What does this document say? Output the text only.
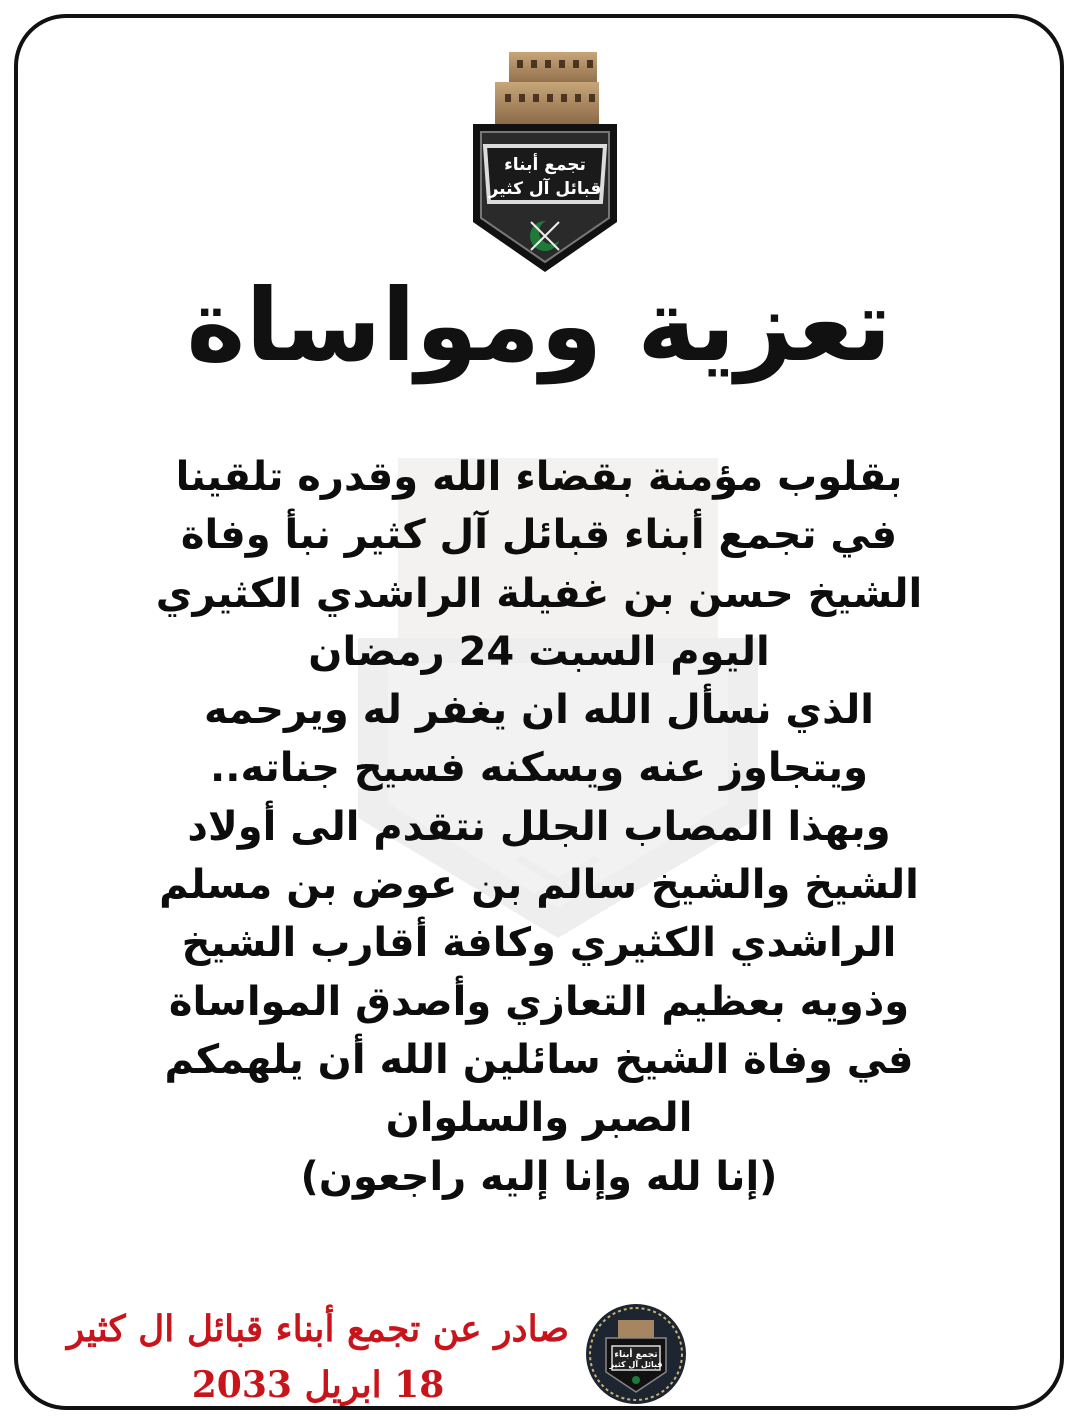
تجمع أبناء
قبائل آل كثير
تعزية ومواساة
بقلوب مؤمنة بقضاء الله وقدره تلقينا
في تجمع أبناء قبائل آل كثير نبأ وفاة
الشيخ حسن بن غفيلة الراشدي الكثيري
اليوم السبت 24 رمضان
الذي نسأل الله ان يغفر له ويرحمه
ويتجاوز عنه ويسكنه فسيح جناته..
وبهذا المصاب الجلل نتقدم الى أولاد
الشيخ والشيخ سالم بن عوض بن مسلم
الراشدي الكثيري وكافة أقارب الشيخ
وذويه بعظيم التعازي وأصدق المواساة
في وفاة الشيخ سائلين الله أن يلهمكم
الصبر والسلوان
(إنا لله وإنا إليه راجعون)
تجمع أبناء
قبائل آل كثير
صادر عن تجمع أبناء قبائل ال كثير
18 ابريل 2033
